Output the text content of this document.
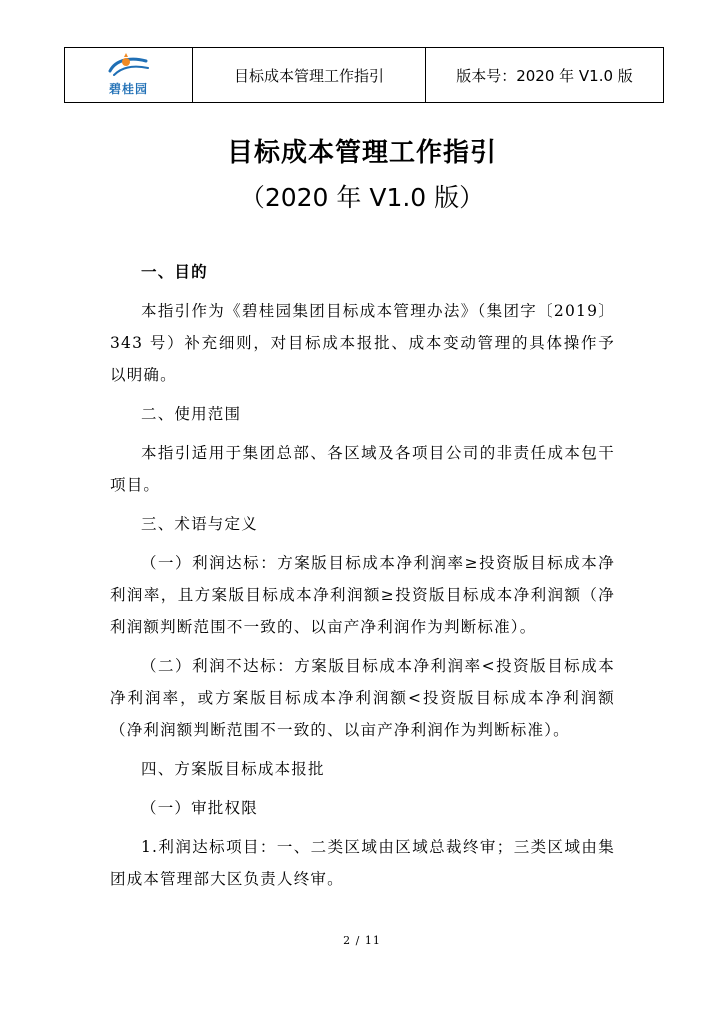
碧桂园
	目标成本管理工作指引	版本号：2020 年 V1.0 版
目标成本管理工作指引
（2020 年 V1.0 版）

一、目的

本指引作为《碧桂园集团目标成本管理办法》（集团字〔2019〕343 号）补充细则，对目标成本报批、成本变动管理的具体操作予以明确。

二、使用范围

本指引适用于集团总部、各区域及各项目公司的非责任成本包干项目。

三、术语与定义

（一）利润达标：方案版目标成本净利润率≥投资版目标成本净利润率，且方案版目标成本净利润额≥投资版目标成本净利润额（净利润额判断范围不一致的、以亩产净利润作为判断标准）。

（二）利润不达标：方案版目标成本净利润率<投资版目标成本净利润率，或方案版目标成本净利润额<投资版目标成本净利润额（净利润额判断范围不一致的、以亩产净利润作为判断标准）。

四、方案版目标成本报批

（一）审批权限

1.利润达标项目：一、二类区域由区域总裁终审；三类区域由集团成本管理部大区负责人终审。

2 / 11
